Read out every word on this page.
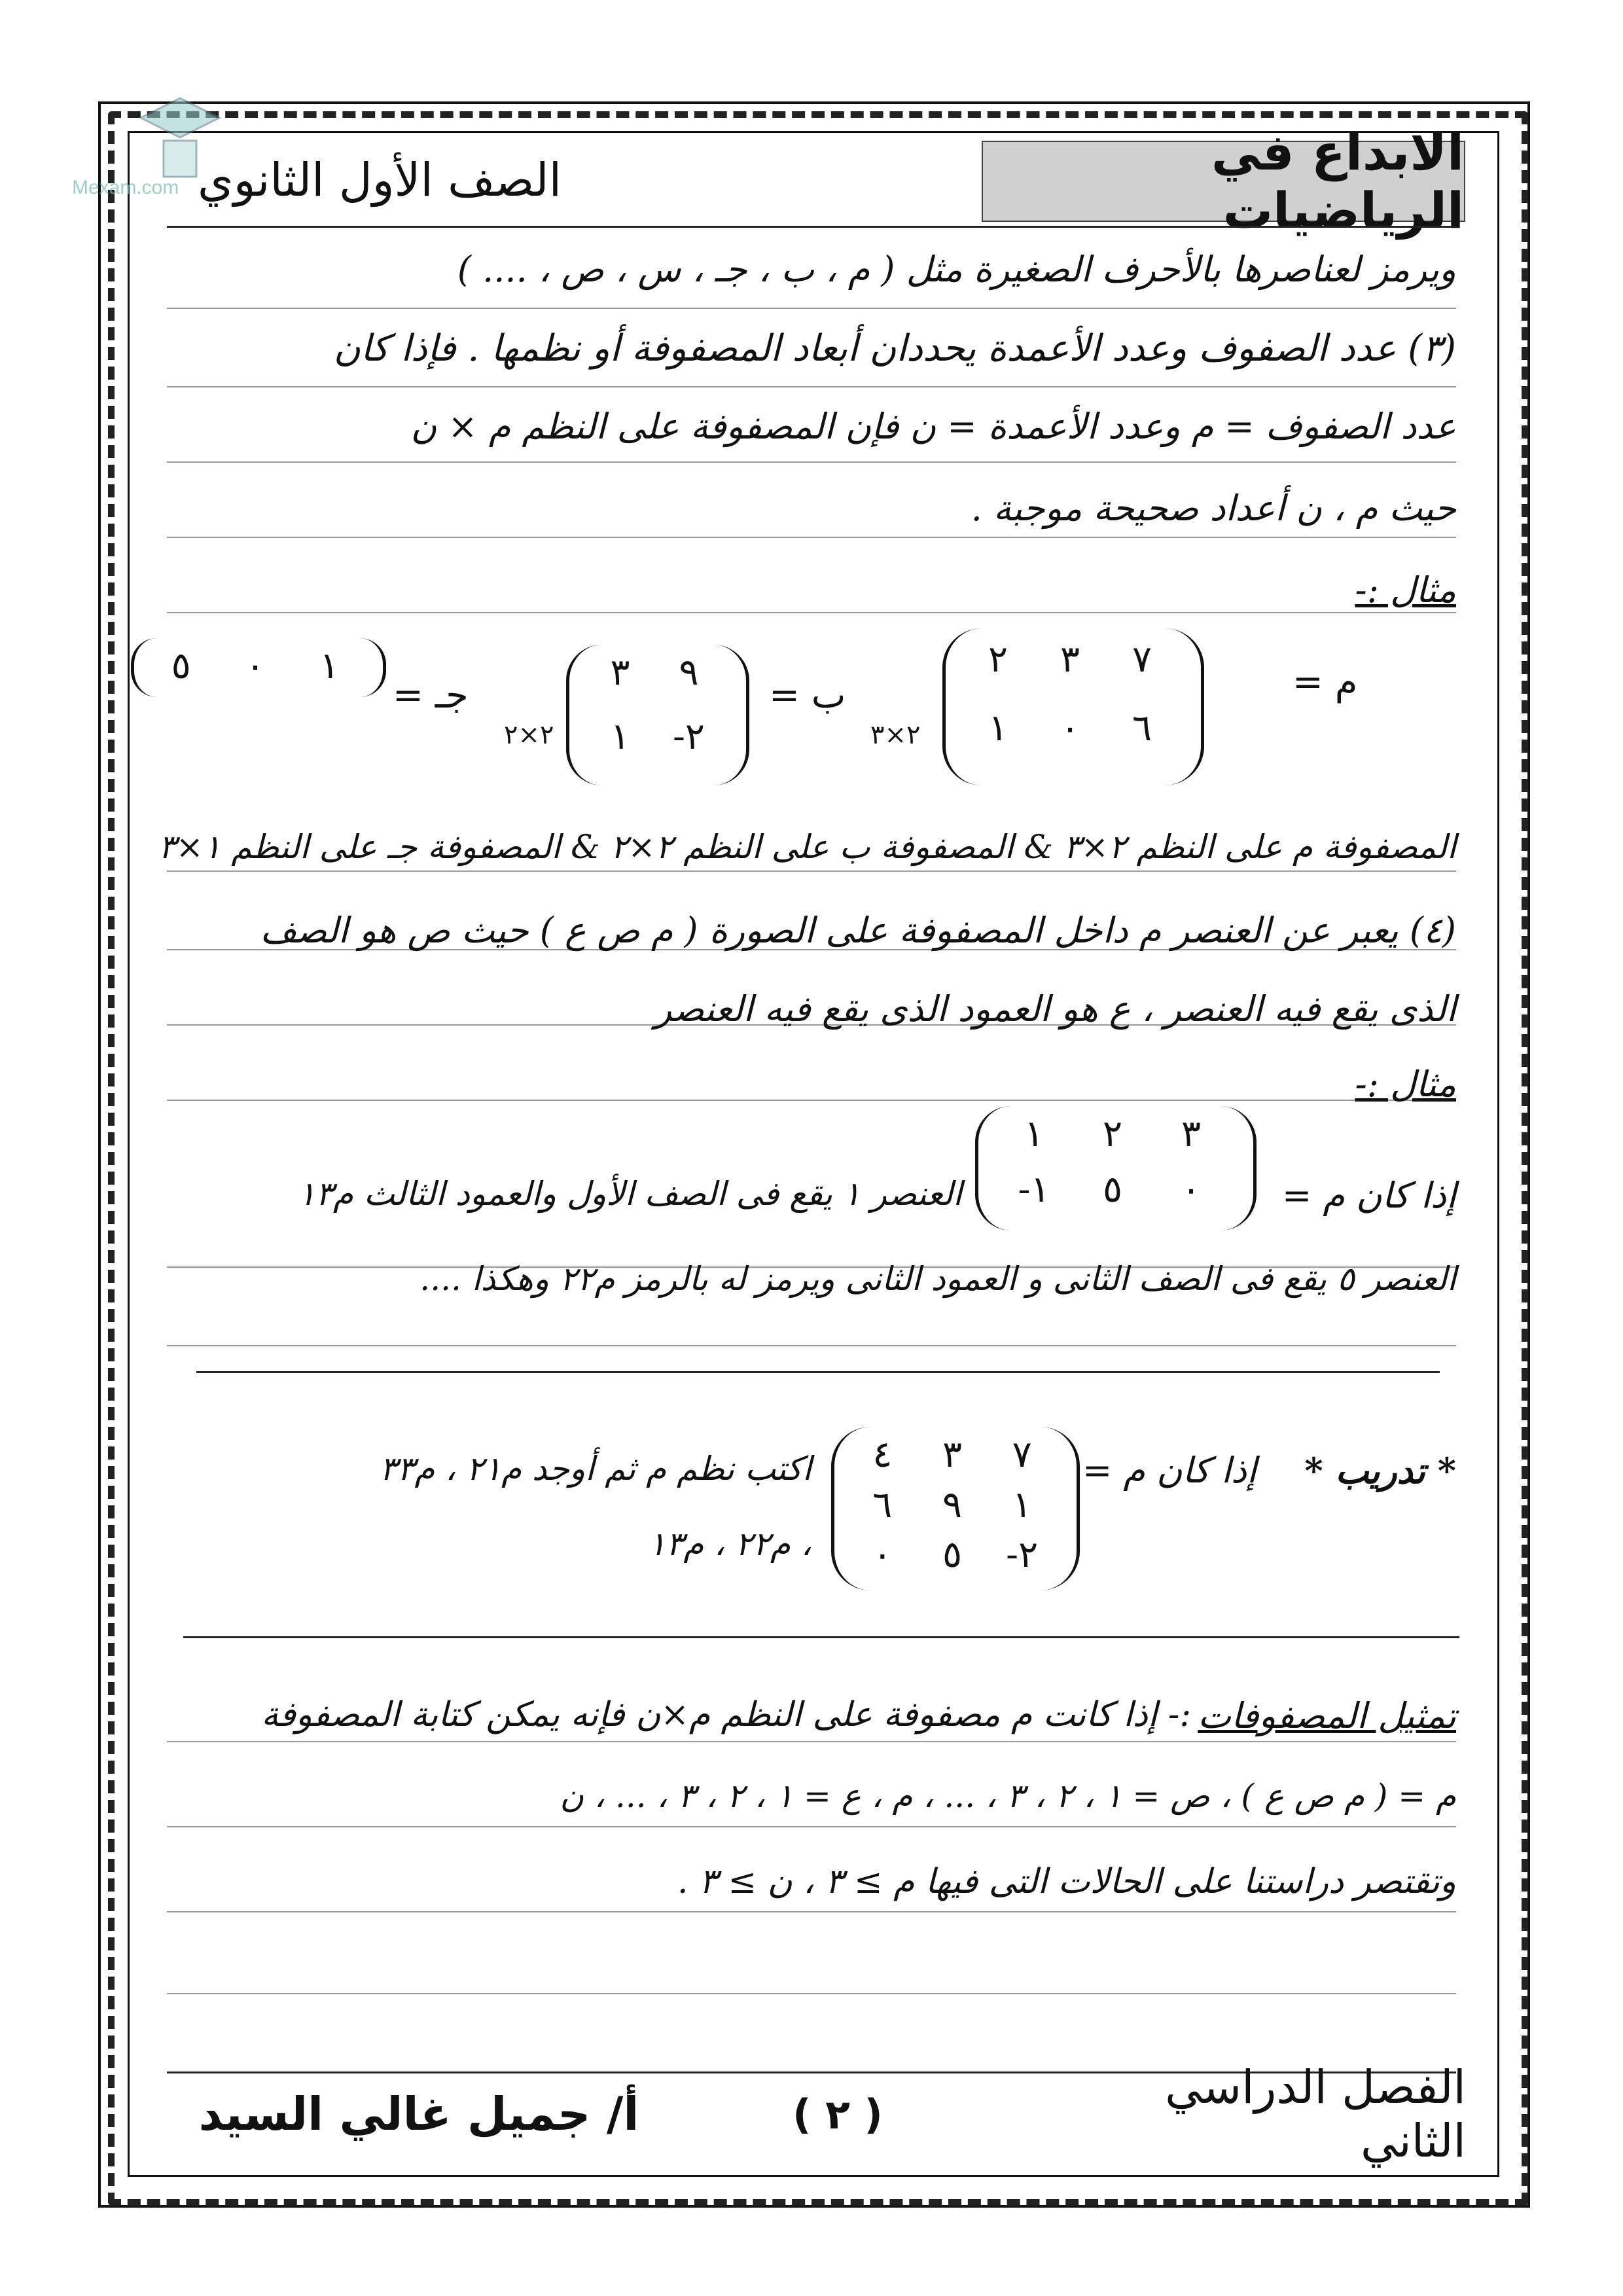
Mexam.com
الابداع في الرياضيات
الصف الأول الثانوي
ويرمز لعناصرها بالأحرف الصغيرة مثل ( م ، ب ، جـ ، س ، ص ، .... )
(٣) عدد الصفوف وعدد الأعمدة يحددان أبعاد المصفوفة أو نظمها . فإذا كان
عدد الصفوف = م وعدد الأعمدة = ن فإن المصفوفة على النظم م × ن
حيث م ، ن أعداد صحيحة موجبة .
مثال :-
م =
٧
٣
٢
٦
٠
١
٢×٣
ب =
٩
٣
٢-
١
٢×٢
جـ =
١
٠
٥
المصفوفة م على النظم ٢×٣ & المصفوفة ب على النظم ٢×٢ & المصفوفة جـ على النظم ١×٣
(٤) يعبر عن العنصر م داخل المصفوفة على الصورة ( م ص ع ) حيث ص هو الصف
الذى يقع فيه العنصر ، ع هو العمود الذى يقع فيه العنصر
مثال :-
إذا كان م =
٣
٢
١
٠
٥
١-
العنصر ١ يقع فى الصف الأول والعمود الثالث م١٣
العنصر ٥ يقع فى الصف الثانى و العمود الثانى ويرمز له بالرمز م٢٢ وهكذا ....
* تدريب *
إذا كان م =
٧
٣
٤
١
٩
٦
٢-
٥
٠
اكتب نظم م ثم أوجد م٢١ ، م٣٣
، م٢٢ ، م١٣
تمثيل المصفوفات
:- إذا كانت م مصفوفة على النظم م×ن فإنه يمكن كتابة المصفوفة
م = ( م ص ع ) ، ص = ١ ، ٢ ، ٣ ، ... ، م ، ع = ١ ، ٢ ، ٣ ، ... ، ن
وتقتصر دراستنا على الحالات التى فيها م ≥ ٣ ، ن ≥ ٣ .
الفصل الدراسي الثاني
( ٢ )
أ/ جميل غالي السيد
